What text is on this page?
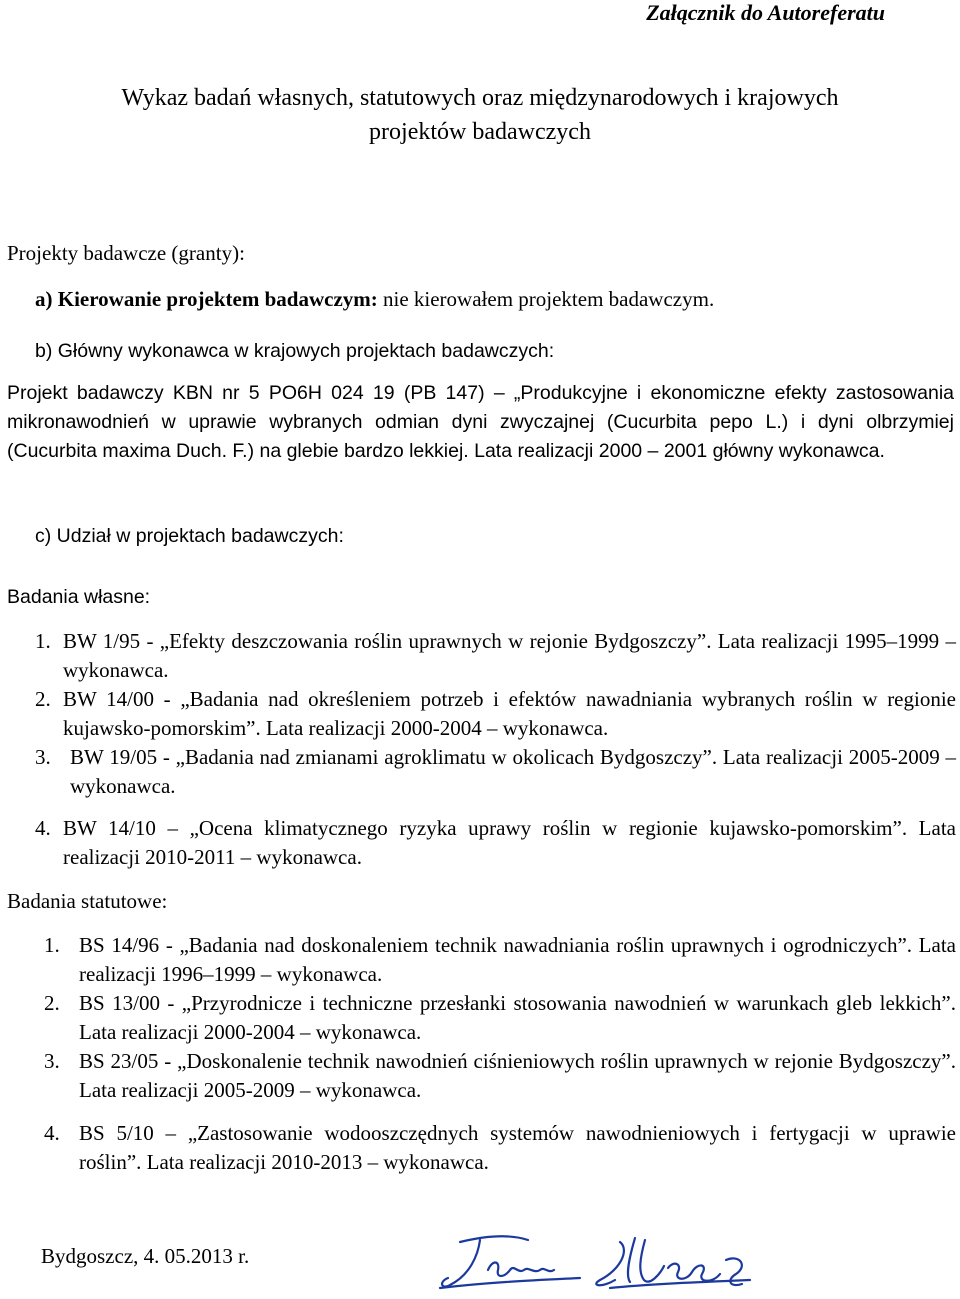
Załącznik do Autoreferatu
Wykaz badań własnych, statutowych oraz międzynarodowych i krajowych
projektów badawczych
Projekty badawcze (granty):
a) Kierowanie projektem badawczym: nie kierowałem projektem badawczym.
b) Główny wykonawca w krajowych projektach badawczych:
Projekt badawczy KBN nr 5 PO6H 024 19 (PB 147) – „Produkcyjne i ekonomiczne efekty zastosowania mikronawodnień w uprawie wybranych odmian dyni zwyczajnej (Cucurbita pepo L.) i dyni olbrzymiej (Cucurbita maxima Duch. F.) na glebie bardzo lekkiej. Lata realizacji 2000 – 2001 główny wykonawca.
c) Udział w projektach badawczych:
Badania własne:
1. BW 1/95 - „Efekty deszczowania roślin uprawnych w rejonie Bydgoszczy”. Lata realizacji 1995–1999 – wykonawca.
2. BW 14/00 - „Badania nad określeniem potrzeb i efektów nawadniania wybranych roślin w regionie kujawsko-pomorskim”. Lata realizacji 2000-2004 – wykonawca.
3. BW 19/05 - „Badania nad zmianami agroklimatu w okolicach Bydgoszczy”. Lata realizacji 2005-2009 – wykonawca.
4. BW 14/10 – „Ocena klimatycznego ryzyka uprawy roślin w regionie kujawsko-pomorskim”. Lata realizacji 2010-2011 – wykonawca.
Badania statutowe:
1. BS 14/96 - „Badania nad doskonaleniem technik nawadniania roślin uprawnych i ogrodniczych”. Lata realizacji 1996–1999 – wykonawca.
2. BS 13/00 - „Przyrodnicze i techniczne przesłanki stosowania nawodnień w warunkach gleb lekkich”. Lata realizacji 2000-2004 – wykonawca.
3. BS 23/05 - „Doskonalenie technik nawodnień ciśnieniowych roślin uprawnych w rejonie Bydgoszczy”. Lata realizacji 2005-2009 – wykonawca.
4. BS 5/10 – „Zastosowanie wodooszczędnych systemów nawodnieniowych i fertygacji w uprawie roślin”. Lata realizacji 2010-2013 – wykonawca.
Bydgoszcz, 4. 05.2013 r.
